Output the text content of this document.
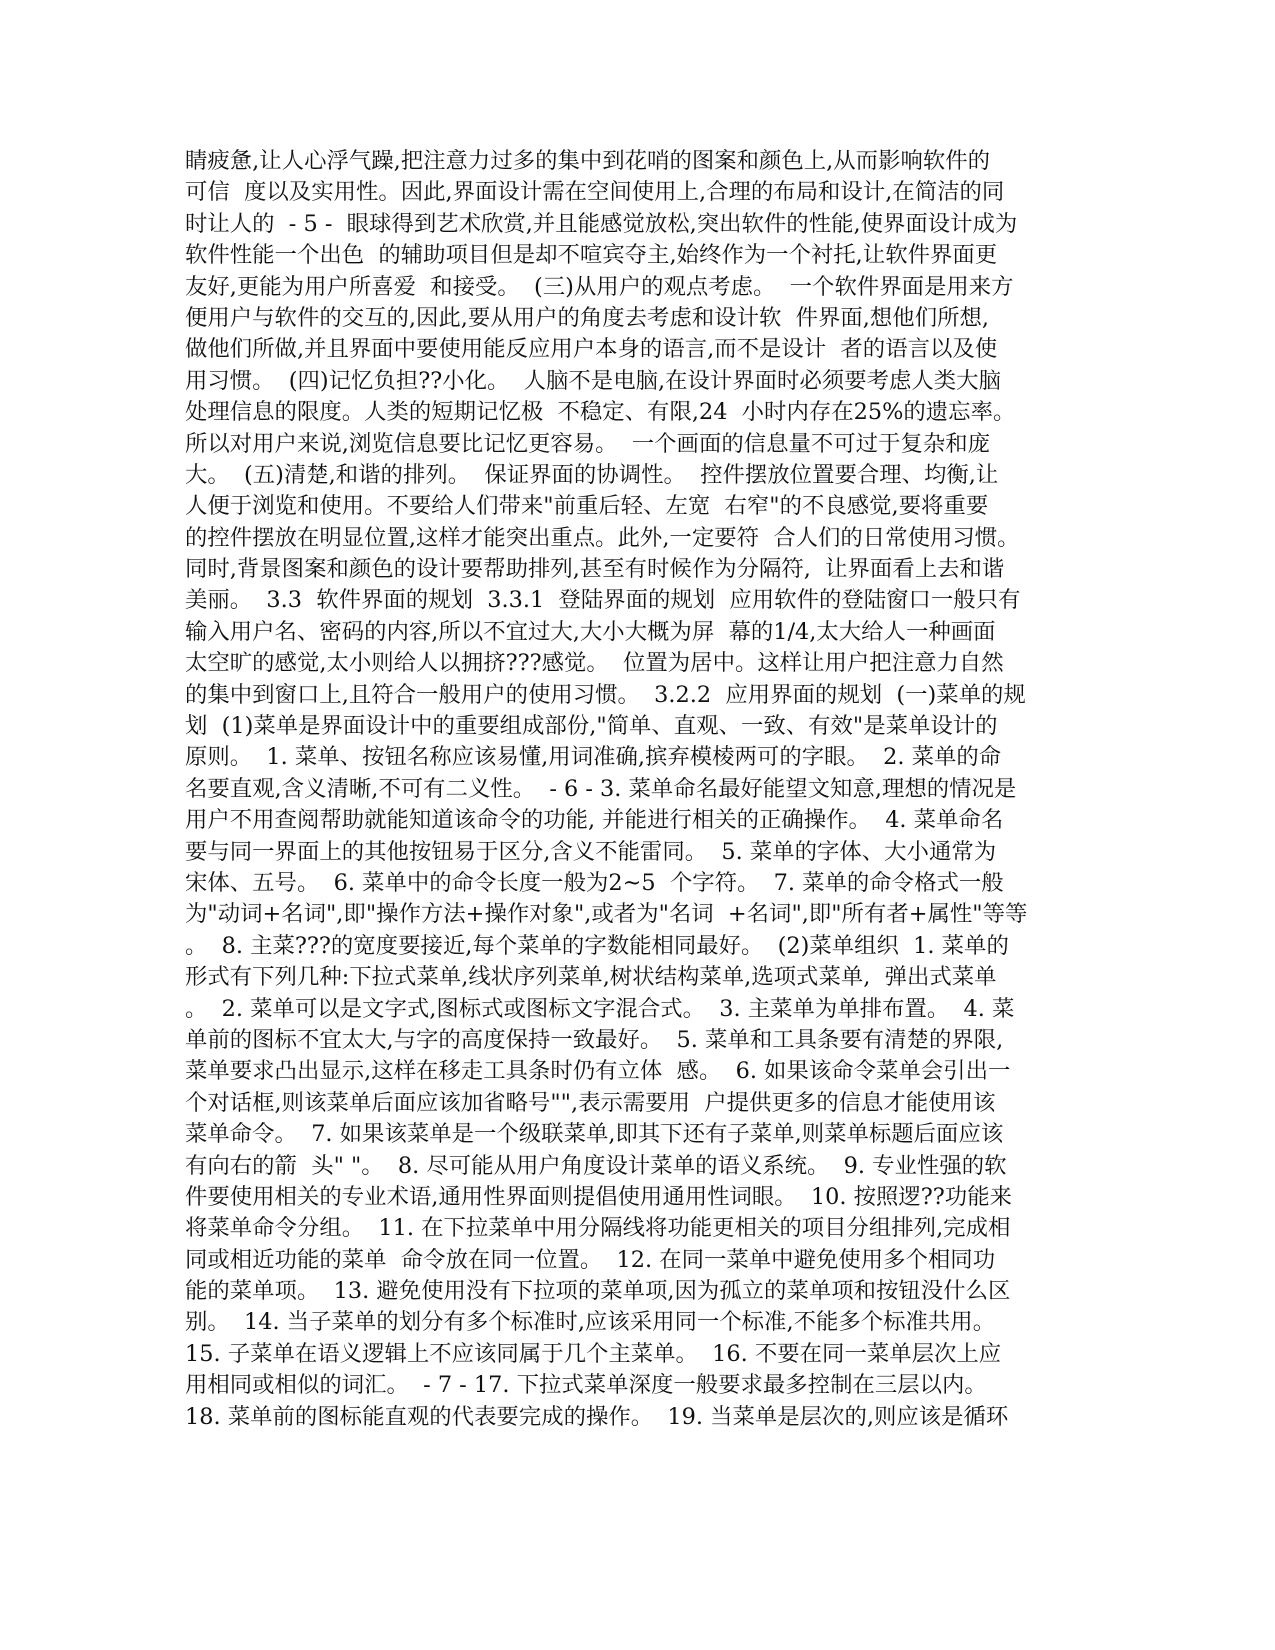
睛疲惫,让人心浮气躁,把注意力过多的集中到花哨的图案和颜色上,从而影响软件的
可信  度以及实用性。因此,界面设计需在空间使用上,合理的布局和设计,在简洁的同
时让人的  - 5 -  眼球得到艺术欣赏,并且能感觉放松,突出软件的性能,使界面设计成为
软件性能一个出色  的辅助项目但是却不喧宾夺主,始终作为一个衬托,让软件界面更
友好,更能为用户所喜爱  和接受。  (三)从用户的观点考虑。  一个软件界面是用来方
便用户与软件的交互的,因此,要从用户的角度去考虑和设计软  件界面,想他们所想,
做他们所做,并且界面中要使用能反应用户本身的语言,而不是设计  者的语言以及使
用习惯。  (四)记忆负担??小化。  人脑不是电脑,在设计界面时必须要考虑人类大脑
处理信息的限度。人类的短期记忆极  不稳定、有限,24  小时内存在25%的遗忘率。
所以对用户来说,浏览信息要比记忆更容易。  一个画面的信息量不可过于复杂和庞
大。  (五)清楚,和谐的排列。  保证界面的协调性。  控件摆放位置要合理、均衡,让
人便于浏览和使用。不要给人们带来"前重后轻、左宽  右窄"的不良感觉,要将重要
的控件摆放在明显位置,这样才能突出重点。此外,一定要符  合人们的日常使用习惯。
同时,背景图案和颜色的设计要帮助排列,甚至有时候作为分隔符,  让界面看上去和谐
美丽。  3.3  软件界面的规划  3.3.1  登陆界面的规划  应用软件的登陆窗口一般只有
输入用户名、密码的内容,所以不宜过大,大小大概为屏  幕的1/4,太大给人一种画面
太空旷的感觉,太小则给人以拥挤???感觉。  位置为居中。这样让用户把注意力自然
的集中到窗口上,且符合一般用户的使用习惯。  3.2.2  应用界面的规划  (一)菜单的规
划  (1)菜单是界面设计中的重要组成部份,"简单、直观、一致、有效"是菜单设计的
原则。  1. 菜单、按钮名称应该易懂,用词准确,摈弃模棱两可的字眼。  2. 菜单的命
名要直观,含义清晰,不可有二义性。  - 6 - 3. 菜单命名最好能望文知意,理想的情况是
用户不用查阅帮助就能知道该命令的功能, 并能进行相关的正确操作。  4. 菜单命名
要与同一界面上的其他按钮易于区分,含义不能雷同。  5. 菜单的字体、大小通常为
宋体、五号。  6. 菜单中的命令长度一般为2~5  个字符。  7. 菜单的命令格式一般
为"动词+名词",即"操作方法+操作对象",或者为"名词  +名词",即"所有者+属性"等等
。  8. 主菜???的宽度要接近,每个菜单的字数能相同最好。  (2)菜单组织  1. 菜单的
形式有下列几种:下拉式菜单,线状序列菜单,树状结构菜单,选项式菜单,  弹出式菜单
。  2. 菜单可以是文字式,图标式或图标文字混合式。  3. 主菜单为单排布置。  4. 菜
单前的图标不宜太大,与字的高度保持一致最好。  5. 菜单和工具条要有清楚的界限,
菜单要求凸出显示,这样在移走工具条时仍有立体  感。  6. 如果该命令菜单会引出一
个对话框,则该菜单后面应该加省略号"",表示需要用  户提供更多的信息才能使用该
菜单命令。  7. 如果该菜单是一个级联菜单,即其下还有子菜单,则菜单标题后面应该
有向右的箭  头" "。  8. 尽可能从用户角度设计菜单的语义系统。  9. 专业性强的软
件要使用相关的专业术语,通用性界面则提倡使用通用性词眼。  10. 按照逻??功能来
将菜单命令分组。  11. 在下拉菜单中用分隔线将功能更相关的项目分组排列,完成相
同或相近功能的菜单  命令放在同一位置。  12. 在同一菜单中避免使用多个相同功
能的菜单项。  13. 避免使用没有下拉项的菜单项,因为孤立的菜单项和按钮没什么区
别。  14. 当子菜单的划分有多个标准时,应该采用同一个标准,不能多个标准共用。
15. 子菜单在语义逻辑上不应该同属于几个主菜单。  16. 不要在同一菜单层次上应
用相同或相似的词汇。  - 7 - 17. 下拉式菜单深度一般要求最多控制在三层以内。
18. 菜单前的图标能直观的代表要完成的操作。  19. 当菜单是层次的,则应该是循环
